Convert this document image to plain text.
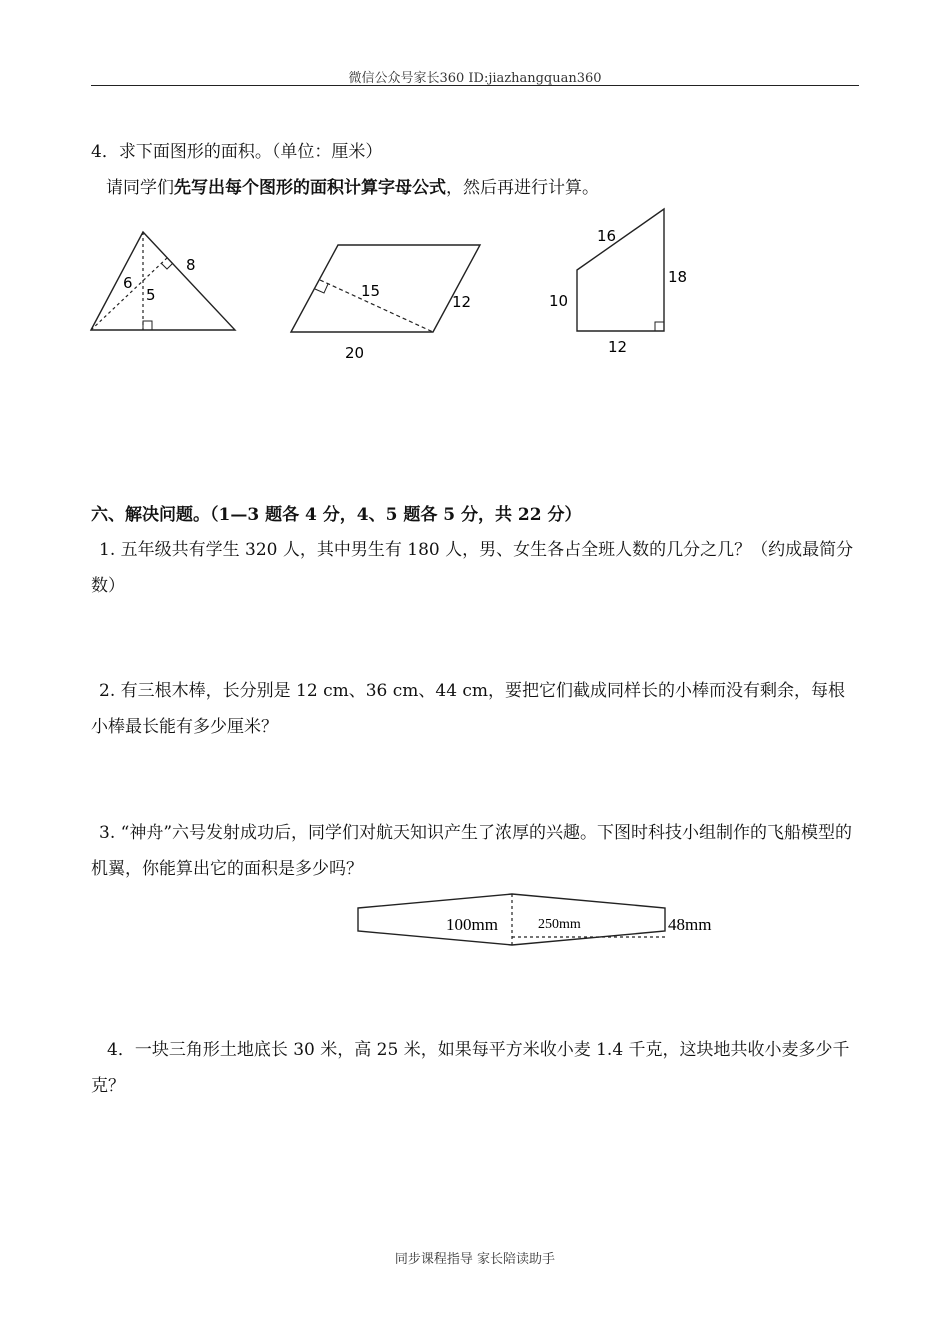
微信公众号家长360 ID:jiazhangquan360
4．求下面图形的面积。（单位：厘米）
请同学们先写出每个图形的面积计算字母公式，然后再进行计算。
8
6
5	15
12
20
16
18
10
12
六、解决问题。（1—3 题各 4 分，4、5 题各 5 分，共 22 分）
1. 五年级共有学生 320 人，其中男生有 180 人，男、女生各占全班人数的几分之几？（约成最简分数）
2. 有三根木棒，长分别是 12 cm、36 cm、44 cm，要把它们截成同样长的小棒而没有剩余，每根小棒最长能有多少厘米？
3. “神舟”六号发射成功后，同学们对航天知识产生了浓厚的兴趣。下图时科技小组制作的飞船模型的机翼，你能算出它的面积是多少吗？
100mm	250mm	48mm
4．一块三角形土地底长 30 米，高 25 米，如果每平方米收小麦 1.4 千克，这块地共收小麦多少千克？
同步课程指导 家长陪读助手
